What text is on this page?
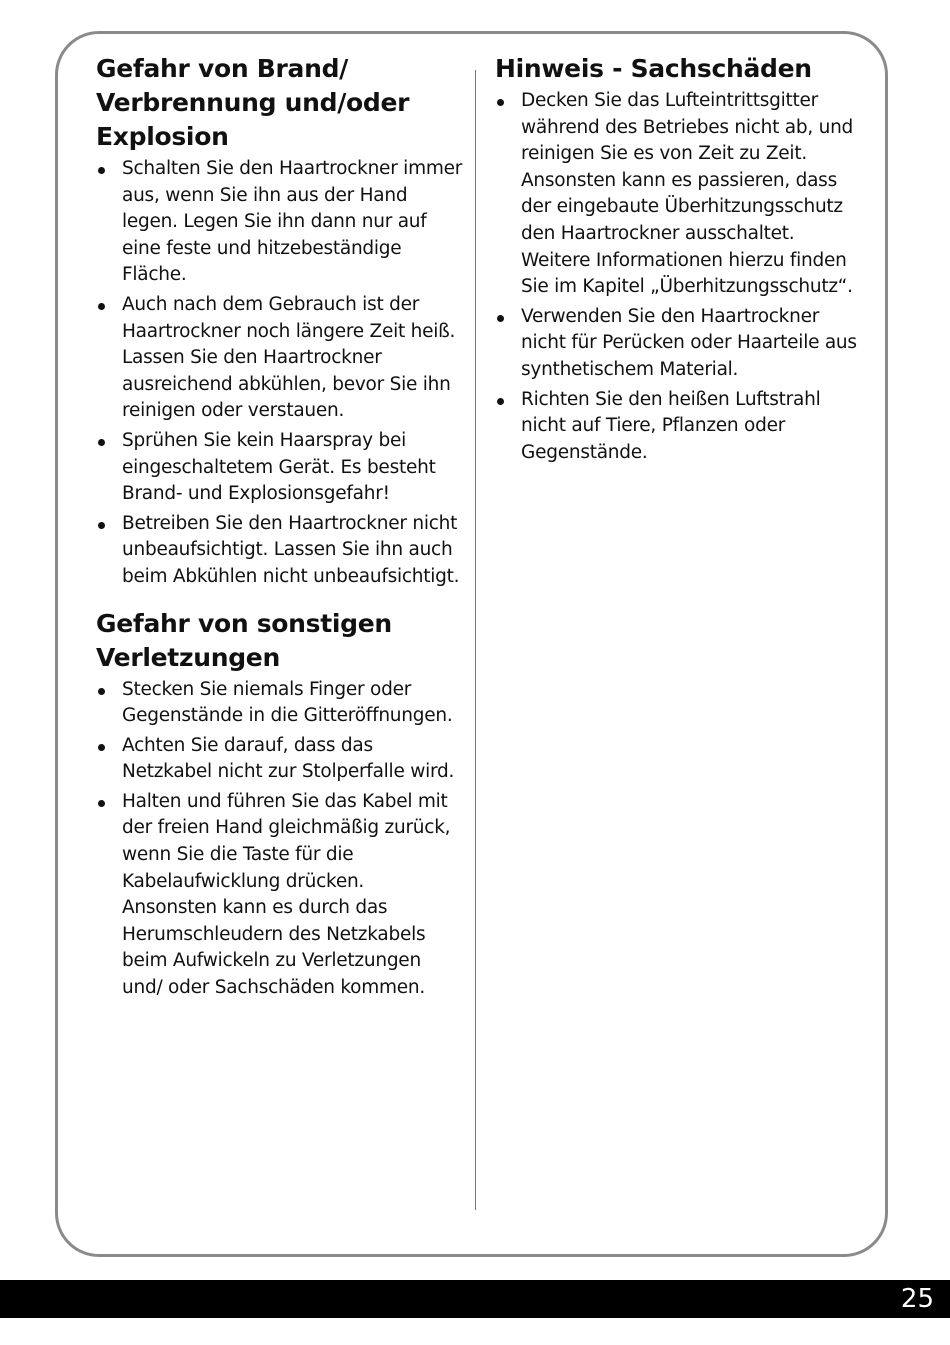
Gefahr von Brand/ Verbrennung und/oder Explosion
Schalten Sie den Haartrockner immer aus, wenn Sie ihn aus der Hand legen. Legen Sie ihn dann nur auf eine feste und hitzebeständige Fläche.
Auch nach dem Gebrauch ist der Haartrockner noch längere Zeit heiß. Lassen Sie den Haartrockner ausreichend abkühlen, bevor Sie ihn reinigen oder verstauen.
Sprühen Sie kein Haarspray bei eingeschaltetem Gerät. Es besteht Brand- und Explosionsgefahr!
Betreiben Sie den Haartrockner nicht unbeaufsichtigt. Lassen Sie ihn auch beim Abkühlen nicht unbeaufsichtigt.
Gefahr von sonstigen Verletzungen
Stecken Sie niemals Finger oder Gegenstände in die Gitteröffnungen.
Achten Sie darauf, dass das Netzkabel nicht zur Stolperfalle wird.
Halten und führen Sie das Kabel mit der freien Hand gleichmäßig zurück, wenn Sie die Taste für die Kabelaufwicklung drücken. Ansonsten kann es durch das Herumschleudern des Netzkabels beim Aufwickeln zu Verletzungen und/ oder Sachschäden kommen.
Hinweis - Sachschäden
Decken Sie das Lufteintrittsgitter während des Betriebes nicht ab, und reinigen Sie es von Zeit zu Zeit. Ansonsten kann es passieren, dass der eingebaute Überhitzungsschutz den Haartrockner ausschaltet. Weitere Informationen hierzu finden Sie im Kapitel „Überhitzungsschutz“.
Verwenden Sie den Haartrockner nicht für Perücken oder Haarteile aus synthetischem Material.
Richten Sie den heißen Luftstrahl nicht auf Tiere, Pflanzen oder Gegenstände.
25
